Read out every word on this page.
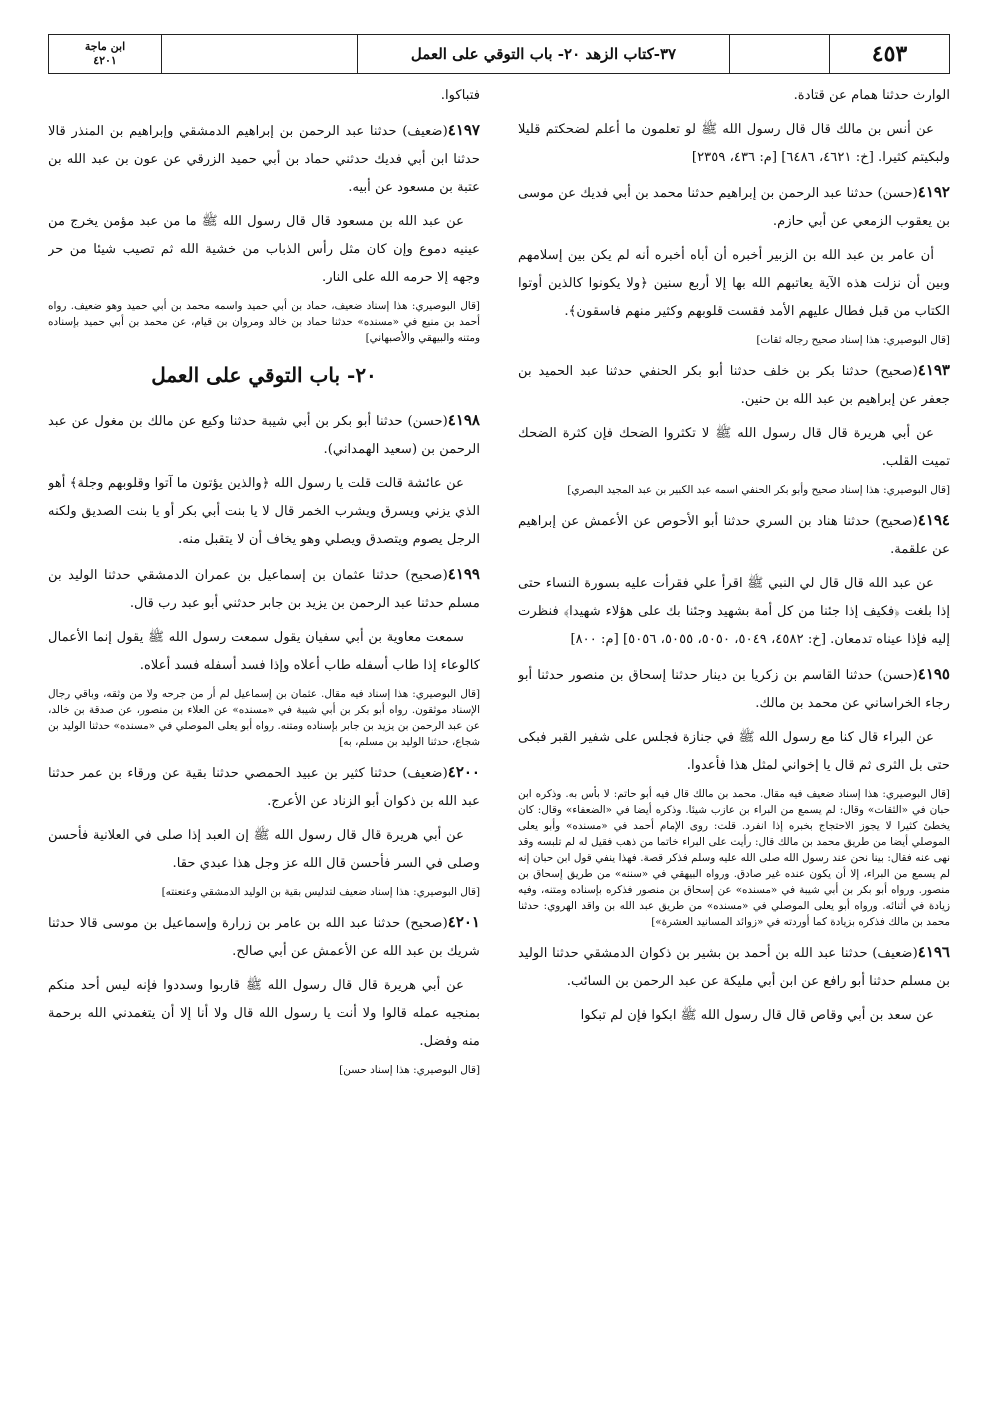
٤٥٣
٣٧-كتاب الزهد ٢٠- باب التوقي على العمل
ابن ماجة
٤٢٠١
الوارث حدثنا همام عن قتادة.
عن أنس بن مالك قال قال رسول الله ﷺ لو تعلمون ما أعلم لضحكتم قليلا ولبكيتم كثيرا. [خ: ٤٦٢١، ٦٤٨٦] [م: ٤٣٦، ٢٣٥٩]
٤١٩٢(حسن) حدثنا عبد الرحمن بن إبراهيم حدثنا محمد بن أبي فديك عن موسى بن يعقوب الزمعي عن أبي حازم.
أن عامر بن عبد الله بن الزبير أخبره أن أباه أخبره أنه لم يكن بين إسلامهم وبين أن نزلت هذه الآية يعاتبهم الله بها إلا أربع سنين ﴿ولا يكونوا كالذين أوتوا الكتاب من قبل فطال عليهم الأمد فقست قلوبهم وكثير منهم فاسقون﴾.
[قال البوصيري: هذا إسناد صحيح رجاله ثقات]
٤١٩٣(صحيح) حدثنا بكر بن خلف حدثنا أبو بكر الحنفي حدثنا عبد الحميد بن جعفر عن إبراهيم بن عبد الله بن حنين.
عن أبي هريرة قال قال رسول الله ﷺ لا تكثروا الضحك فإن كثرة الضحك تميت القلب.
[قال البوصيري: هذا إسناد صحيح وأبو بكر الحنفي اسمه عبد الكبير بن عبد المجيد البصري]
٤١٩٤(صحيح) حدثنا هناد بن السري حدثنا أبو الأحوص عن الأعمش عن إبراهيم عن علقمة.
عن عبد الله قال قال لي النبي ﷺ اقرأ علي فقرأت عليه بسورة النساء حتى إذا بلغت ﴿فكيف إذا جئنا من كل أمة بشهيد وجئنا بك على هؤلاء شهيدا﴾ فنظرت إليه فإذا عيناه تدمعان. [خ: ٤٥٨٢، ٥٠٤٩، ٥٠٥٠، ٥٠٥٥، ٥٠٥٦] [م: ٨٠٠]
٤١٩٥(حسن) حدثنا القاسم بن زكريا بن دينار حدثنا إسحاق بن منصور حدثنا أبو رجاء الخراساني عن محمد بن مالك.
عن البراء قال كنا مع رسول الله ﷺ في جنازة فجلس على شفير القبر فبكى حتى بل الثرى ثم قال يا إخواني لمثل هذا فأعدوا.
[قال البوصيري: هذا إسناد ضعيف فيه مقال. محمد بن مالك قال فيه أبو حاتم: لا بأس به. وذكره ابن حبان في «الثقات» وقال: لم يسمع من البراء بن عازب شيئا. وذكره أيضا في «الضعفاء» وقال: كان يخطئ كثيرا لا يجوز الاحتجاج بخبره إذا انفرد. قلت: روى الإمام أحمد في «مسنده» وأبو يعلى الموصلي أيضا من طريق محمد بن مالك قال: رأيت على البراء خاتما من ذهب فقيل له لم تلبسه وقد نهى عنه فقال: بينا نحن عند رسول الله صلى الله عليه وسلم فذكر قصة. فهذا ينفي قول ابن حبان إنه لم يسمع من البراء، إلا أن يكون عنده غير صادق. ورواه البيهقي في «سننه» من طريق إسحاق بن منصور. ورواه أبو بكر بن أبي شيبة في «مسنده» عن إسحاق بن منصور فذكره بإسناده ومتنه، وفيه زيادة في أثنائه. ورواه أبو يعلى الموصلي في «مسنده» من طريق عبد الله بن واقد الهروي: حدثنا محمد بن مالك فذكره بزيادة كما أوردته في «زوائد المسانيد العشرة»]
٤١٩٦(ضعيف) حدثنا عبد الله بن أحمد بن بشير بن ذكوان الدمشقي حدثنا الوليد بن مسلم حدثنا أبو رافع عن ابن أبي مليكة عن عبد الرحمن بن السائب.
عن سعد بن أبي وقاص قال قال رسول الله ﷺ ابكوا فإن لم تبكوا
فتباكوا.
٤١٩٧(ضعيف) حدثنا عبد الرحمن بن إبراهيم الدمشقي وإبراهيم بن المنذر قالا حدثنا ابن أبي فديك حدثني حماد بن أبي حميد الزرقي عن عون بن عبد الله بن عتبة بن مسعود عن أبيه.
عن عبد الله بن مسعود قال قال رسول الله ﷺ ما من عبد مؤمن يخرج من عينيه دموع وإن كان مثل رأس الذباب من خشية الله ثم تصيب شيئا من حر وجهه إلا حرمه الله على النار.
[قال البوصيري: هذا إسناد ضعيف، حماد بن أبي حميد واسمه محمد بن أبي حميد وهو ضعيف. رواه أحمد بن منيع في «مسنده» حدثنا حماد بن خالد ومروان بن قيام، عن محمد بن أبي حميد بإسناده ومتنه والبيهقي والأصبهاني]
٢٠- باب التوقي على العمل
٤١٩٨(حسن) حدثنا أبو بكر بن أبي شيبة حدثنا وكيع عن مالك بن مغول عن عبد الرحمن بن (سعيد الهمداني).
عن عائشة قالت قلت يا رسول الله ﴿والذين يؤتون ما آتوا وقلوبهم وجلة﴾ أهو الذي يزني ويسرق ويشرب الخمر قال لا يا بنت أبي بكر أو يا بنت الصديق ولكنه الرجل يصوم ويتصدق ويصلي وهو يخاف أن لا يتقبل منه.
٤١٩٩(صحيح) حدثنا عثمان بن إسماعيل بن عمران الدمشقي حدثنا الوليد بن مسلم حدثنا عبد الرحمن بن يزيد بن جابر حدثني أبو عبد رب قال.
سمعت معاوية بن أبي سفيان يقول سمعت رسول الله ﷺ يقول إنما الأعمال كالوعاء إذا طاب أسفله طاب أعلاه وإذا فسد أسفله فسد أعلاه.
[قال البوصيري: هذا إسناد فيه مقال. عثمان بن إسماعيل لم أر من جرحه ولا من وثقه، وباقي رجال الإسناد موثقون. رواه أبو بكر بن أبي شيبة في «مسنده» عن العلاء بن منصور، عن صدقة بن خالد، عن عبد الرحمن بن يزيد بن جابر بإسناده ومتنه. رواه أبو يعلى الموصلي في «مسنده» حدثنا الوليد بن شجاع، حدثنا الوليد بن مسلم، به]
٤٢٠٠(ضعيف) حدثنا كثير بن عبيد الحمصي حدثنا بقية عن ورقاء بن عمر حدثنا عبد الله بن ذكوان أبو الزناد عن الأعرج.
عن أبي هريرة قال قال رسول الله ﷺ إن العبد إذا صلى في العلانية فأحسن وصلى في السر فأحسن قال الله عز وجل هذا عبدي حقا.
[قال البوصيري: هذا إسناد ضعيف لتدليس بقية بن الوليد الدمشقي وعنعنته]
٤٢٠١(صحيح) حدثنا عبد الله بن عامر بن زرارة وإسماعيل بن موسى قالا حدثنا شريك بن عبد الله عن الأعمش عن أبي صالح.
عن أبي هريرة قال قال رسول الله ﷺ قاربوا وسددوا فإنه ليس أحد منكم بمنجيه عمله قالوا ولا أنت يا رسول الله قال ولا أنا إلا أن يتغمدني الله برحمة منه وفضل.
[قال البوصيري: هذا إسناد حسن]
